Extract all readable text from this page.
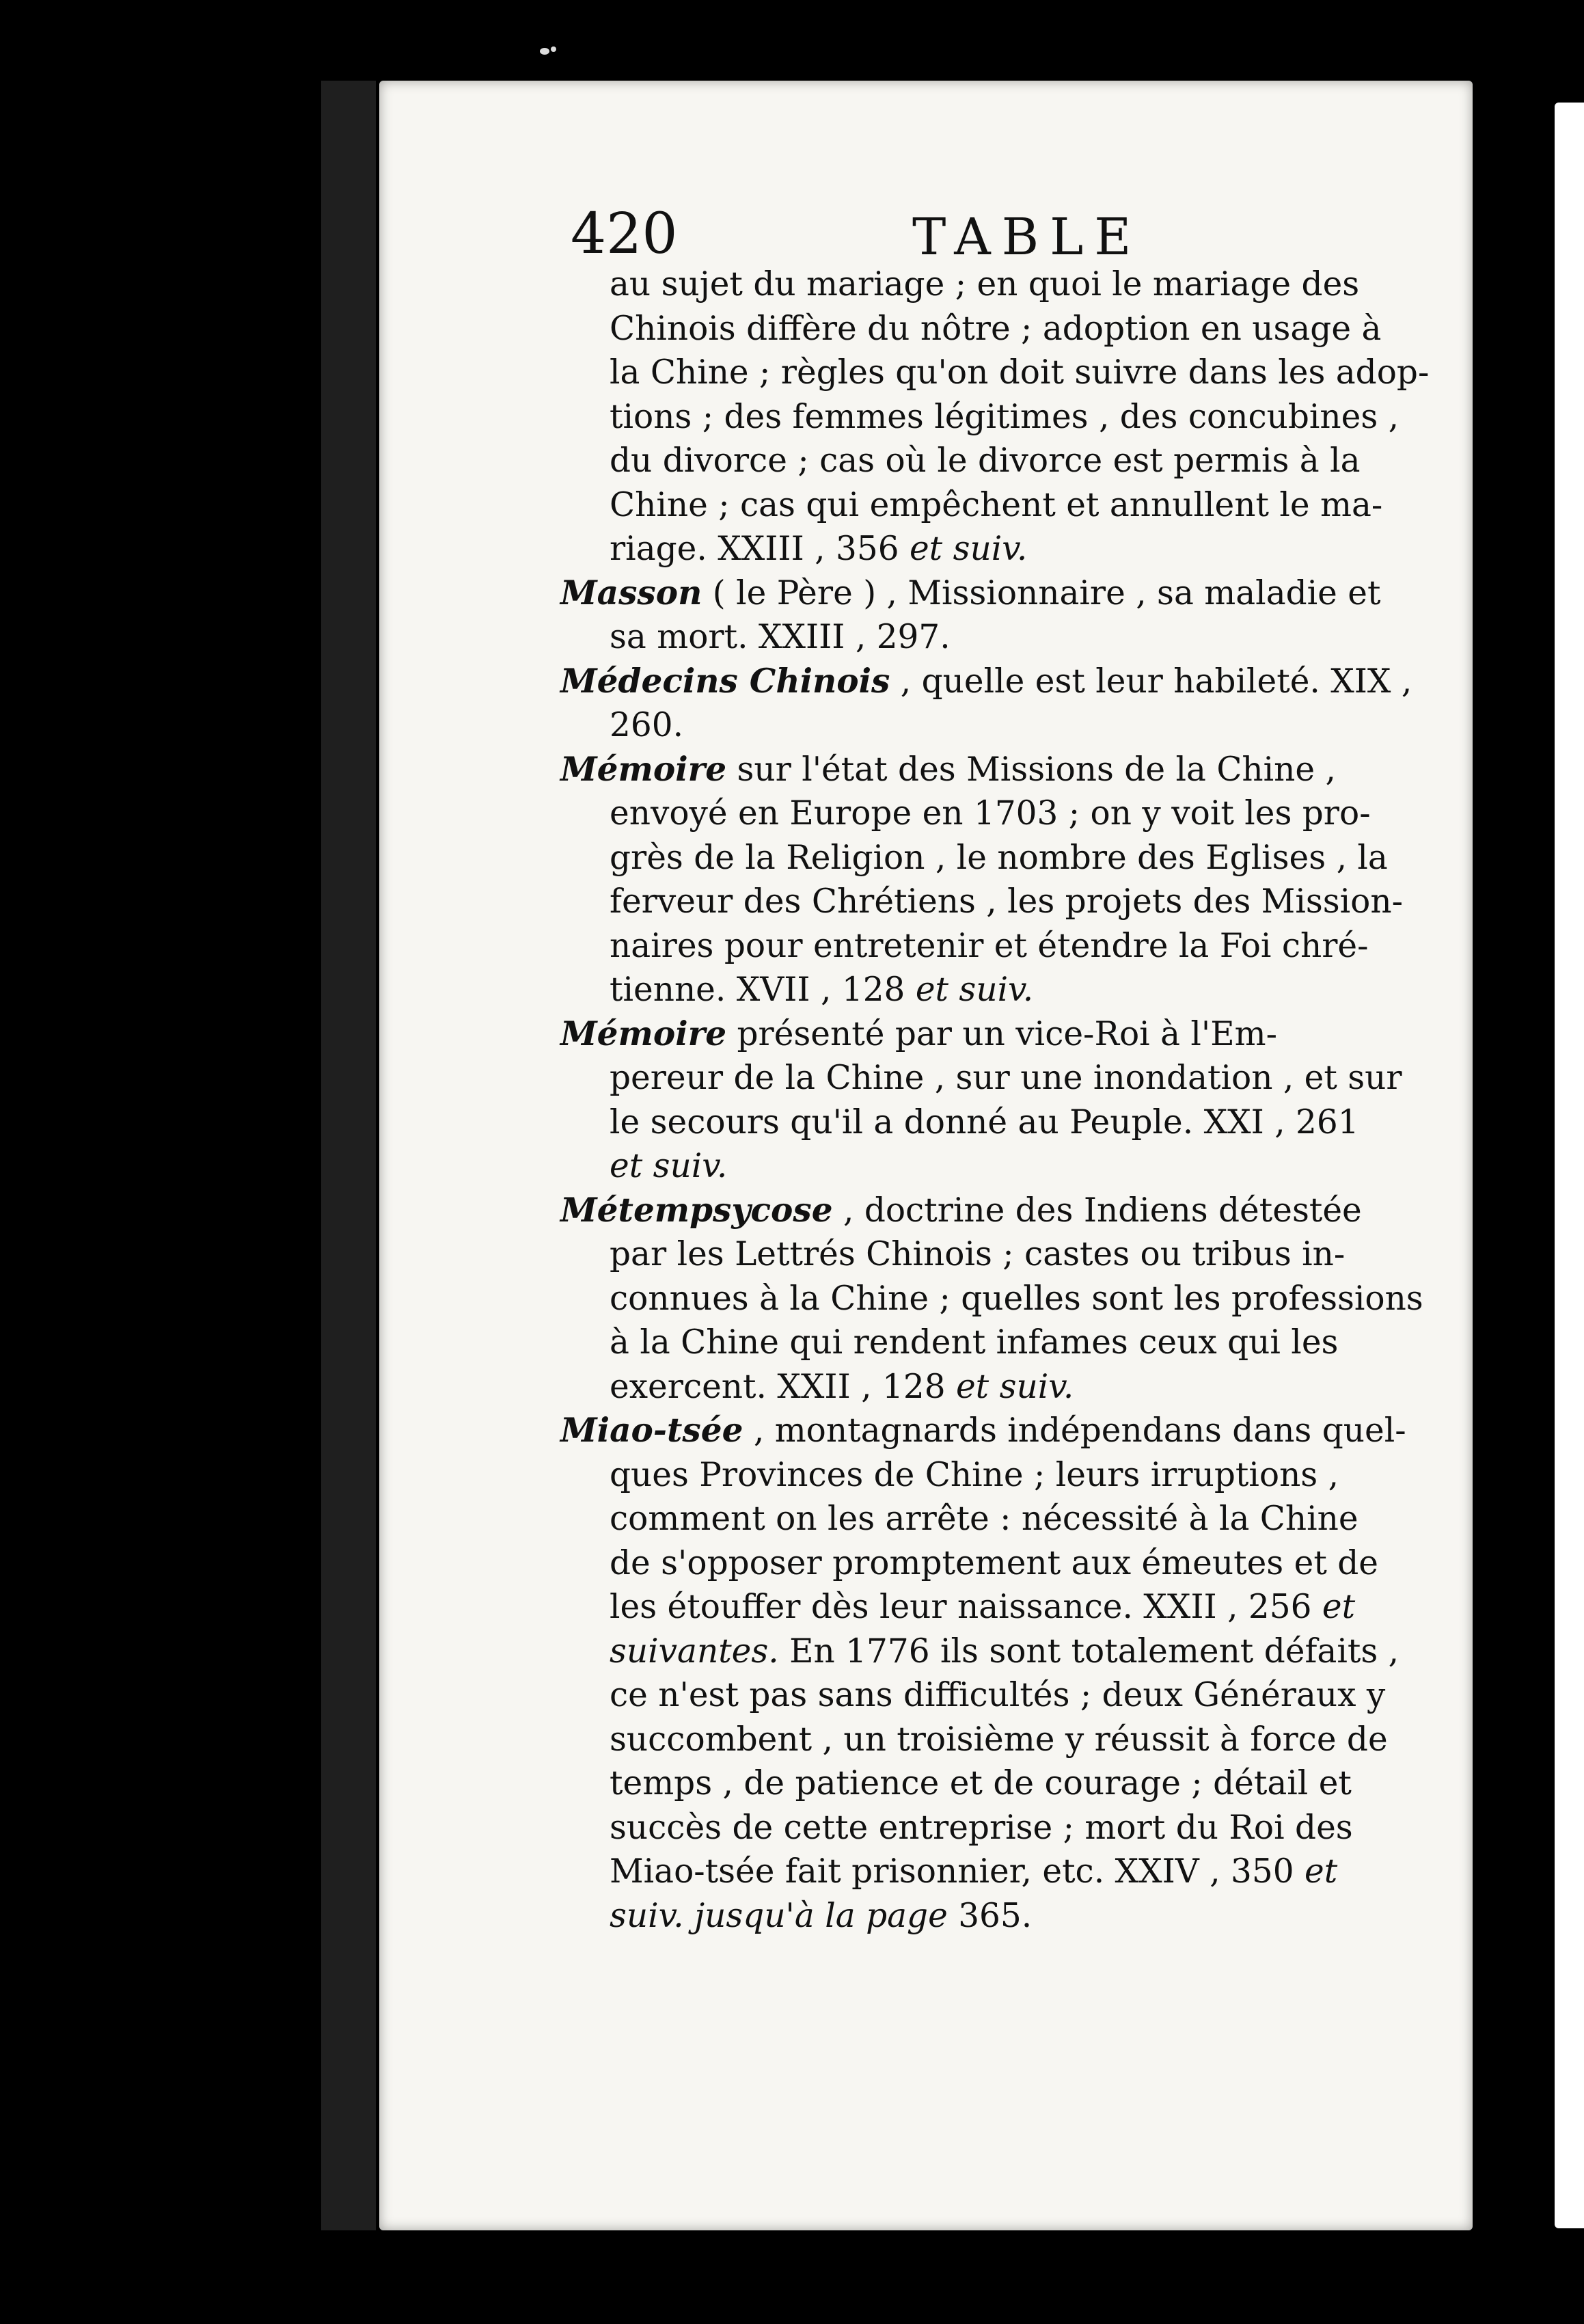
420	TABLE
au sujet du mariage ; en quoi le mariage des
Chinois diffère du nôtre ; adoption en usage à
la Chine ; règles qu'on doit suivre dans les adop-
tions ; des femmes légitimes , des concubines ,
du divorce ; cas où le divorce est permis à la
Chine ; cas qui empêchent et annullent le ma-
riage. XXIII , 356 et suiv.
Masson ( le Père ) , Missionnaire , sa maladie et
sa mort. XXIII , 297.
Médecins Chinois , quelle est leur habileté. XIX ,
260.
Mémoire sur l'état des Missions de la Chine ,
envoyé en Europe en 1703 ; on y voit les pro-
grès de la Religion , le nombre des Eglises , la
ferveur des Chrétiens , les projets des Mission-
naires pour entretenir et étendre la Foi chré-
tienne. XVII , 128 et suiv.
Mémoire présenté par un vice-Roi à l'Em-
pereur de la Chine , sur une inondation , et sur
le secours qu'il a donné au Peuple. XXI , 261
et suiv.
Métempsycose , doctrine des Indiens détestée
par les Lettrés Chinois ; castes ou tribus in-
connues à la Chine ; quelles sont les professions
à la Chine qui rendent infames ceux qui les
exercent. XXII , 128 et suiv.
Miao-tsée , montagnards indépendans dans quel-
ques Provinces de Chine ; leurs irruptions ,
comment on les arrête : nécessité à la Chine
de s'opposer promptement aux émeutes et de
les étouffer dès leur naissance. XXII , 256 et
suivantes. En 1776 ils sont totalement défaits ,
ce n'est pas sans difficultés ; deux Généraux y
succombent , un troisième y réussit à force de
temps , de patience et de courage ; détail et
succès de cette entreprise ; mort du Roi des
Miao-tsée fait prisonnier, etc. XXIV , 350 et
suiv. jusqu'à la page 365.
